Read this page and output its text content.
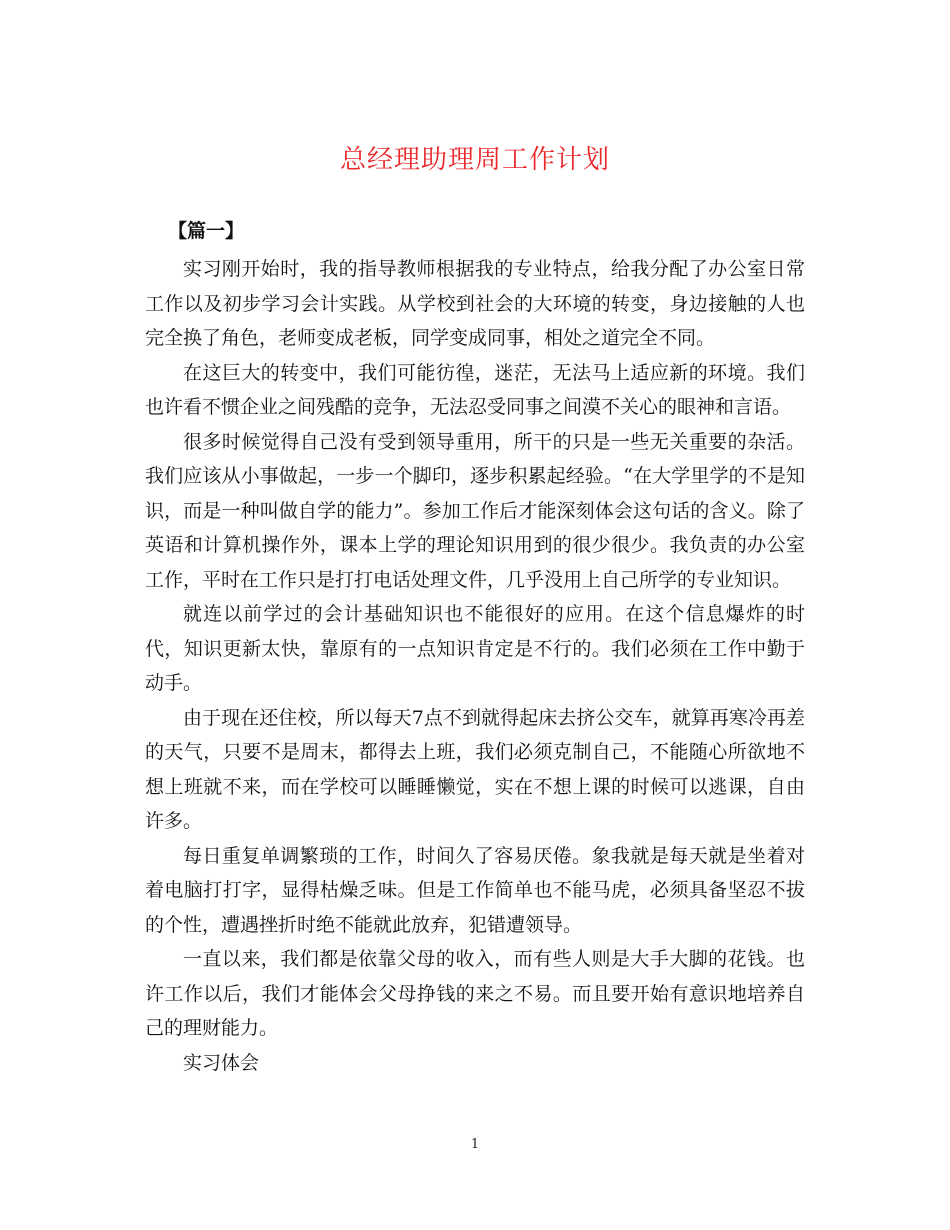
总经理助理周工作计划
【篇一】

实习刚开始时，我的指导教师根据我的专业特点，给我分配了办公室日常工作以及初步学习会计实践。从学校到社会的大环境的转变，身边接触的人也完全换了角色，老师变成老板，同学变成同事，相处之道完全不同。

在这巨大的转变中，我们可能彷徨，迷茫，无法马上适应新的环境。我们也许看不惯企业之间残酷的竞争，无法忍受同事之间漠不关心的眼神和言语。

很多时候觉得自己没有受到领导重用，所干的只是一些无关重要的杂活。我们应该从小事做起，一步一个脚印，逐步积累起经验。“在大学里学的不是知识，而是一种叫做自学的能力”。参加工作后才能深刻体会这句话的含义。除了英语和计算机操作外，课本上学的理论知识用到的很少很少。我负责的办公室工作，平时在工作只是打打电话处理文件，几乎没用上自己所学的专业知识。

就连以前学过的会计基础知识也不能很好的应用。在这个信息爆炸的时代，知识更新太快，靠原有的一点知识肯定是不行的。我们必须在工作中勤于动手。

由于现在还住校，所以每天7点不到就得起床去挤公交车，就算再寒冷再差的天气，只要不是周末，都得去上班，我们必须克制自己，不能随心所欲地不想上班就不来，而在学校可以睡睡懒觉，实在不想上课的时候可以逃课，自由许多。

每日重复单调繁琐的工作，时间久了容易厌倦。象我就是每天就是坐着对着电脑打打字，显得枯燥乏味。但是工作简单也不能马虎，必须具备坚忍不拔的个性，遭遇挫折时绝不能就此放弃，犯错遭领导。

一直以来，我们都是依靠父母的收入，而有些人则是大手大脚的花钱。也许工作以后，我们才能体会父母挣钱的来之不易。而且要开始有意识地培养自己的理财能力。

实习体会

1
